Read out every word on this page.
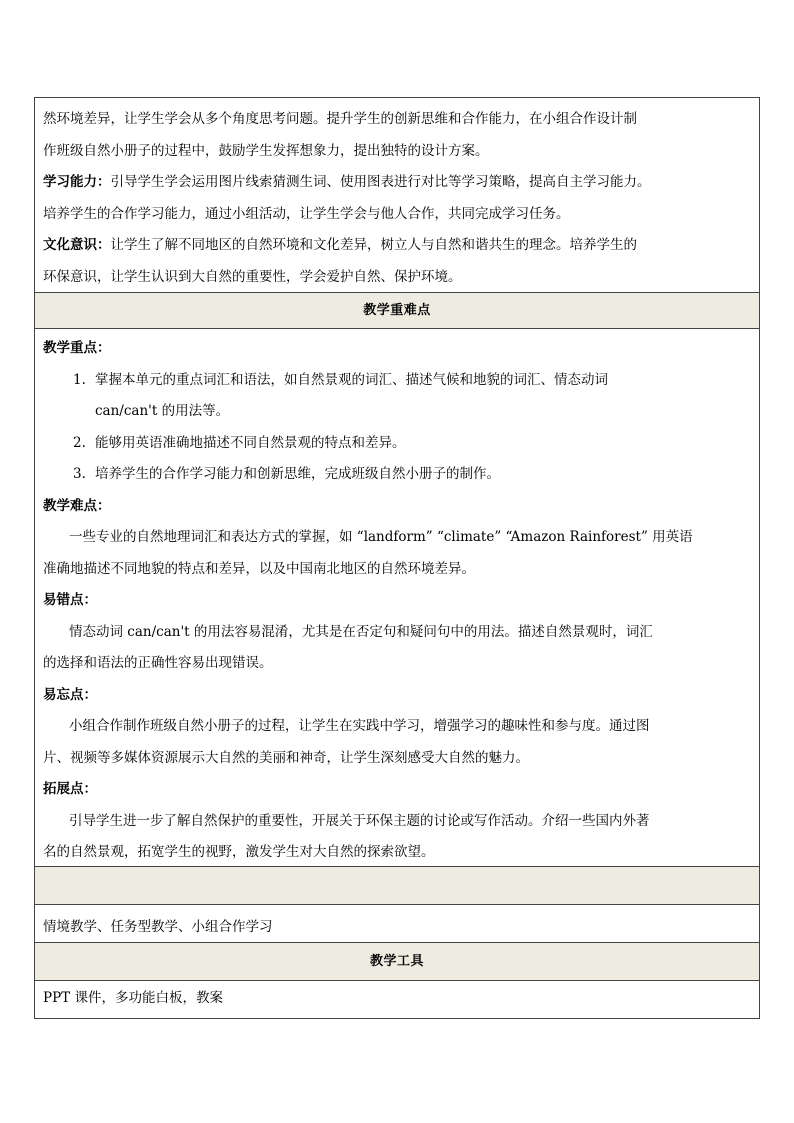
然环境差异，让学生学会从多个角度思考问题。提升学生的创新思维和合作能力，在小组合作设计制

作班级自然小册子的过程中，鼓励学生发挥想象力，提出独特的设计方案。

学习能力：引导学生学会运用图片线索猜测生词、使用图表进行对比等学习策略，提高自主学习能力。

培养学生的合作学习能力，通过小组活动，让学生学会与他人合作，共同完成学习任务。

文化意识：让学生了解不同地区的自然环境和文化差异，树立人与自然和谐共生的理念。培养学生的

环保意识，让学生认识到大自然的重要性，学会爱护自然、保护环境。

教学重难点

教学重点：

1. 掌握本单元的重点词汇和语法，如自然景观的词汇、描述气候和地貌的词汇、情态动词

can/can't 的用法等。

2. 能够用英语准确地描述不同自然景观的特点和差异。

3. 培养学生的合作学习能力和创新思维，完成班级自然小册子的制作。

教学难点：

一些专业的自然地理词汇和表达方式的掌握，如 “landform” “climate” “Amazon Rainforest” 用英语

准确地描述不同地貌的特点和差异，以及中国南北地区的自然环境差异。

易错点：

情态动词 can/can't 的用法容易混淆，尤其是在否定句和疑问句中的用法。描述自然景观时，词汇

的选择和语法的正确性容易出现错误。

易忘点：

小组合作制作班级自然小册子的过程，让学生在实践中学习，增强学习的趣味性和参与度。通过图

片、视频等多媒体资源展示大自然的美丽和神奇，让学生深刻感受大自然的魅力。

拓展点：

引导学生进一步了解自然保护的重要性，开展关于环保主题的讨论或写作活动。介绍一些国内外著

名的自然景观，拓宽学生的视野，激发学生对大自然的探索欲望。

情境教学、任务型教学、小组合作学习
教学工具
PPT 课件，多功能白板，教案
